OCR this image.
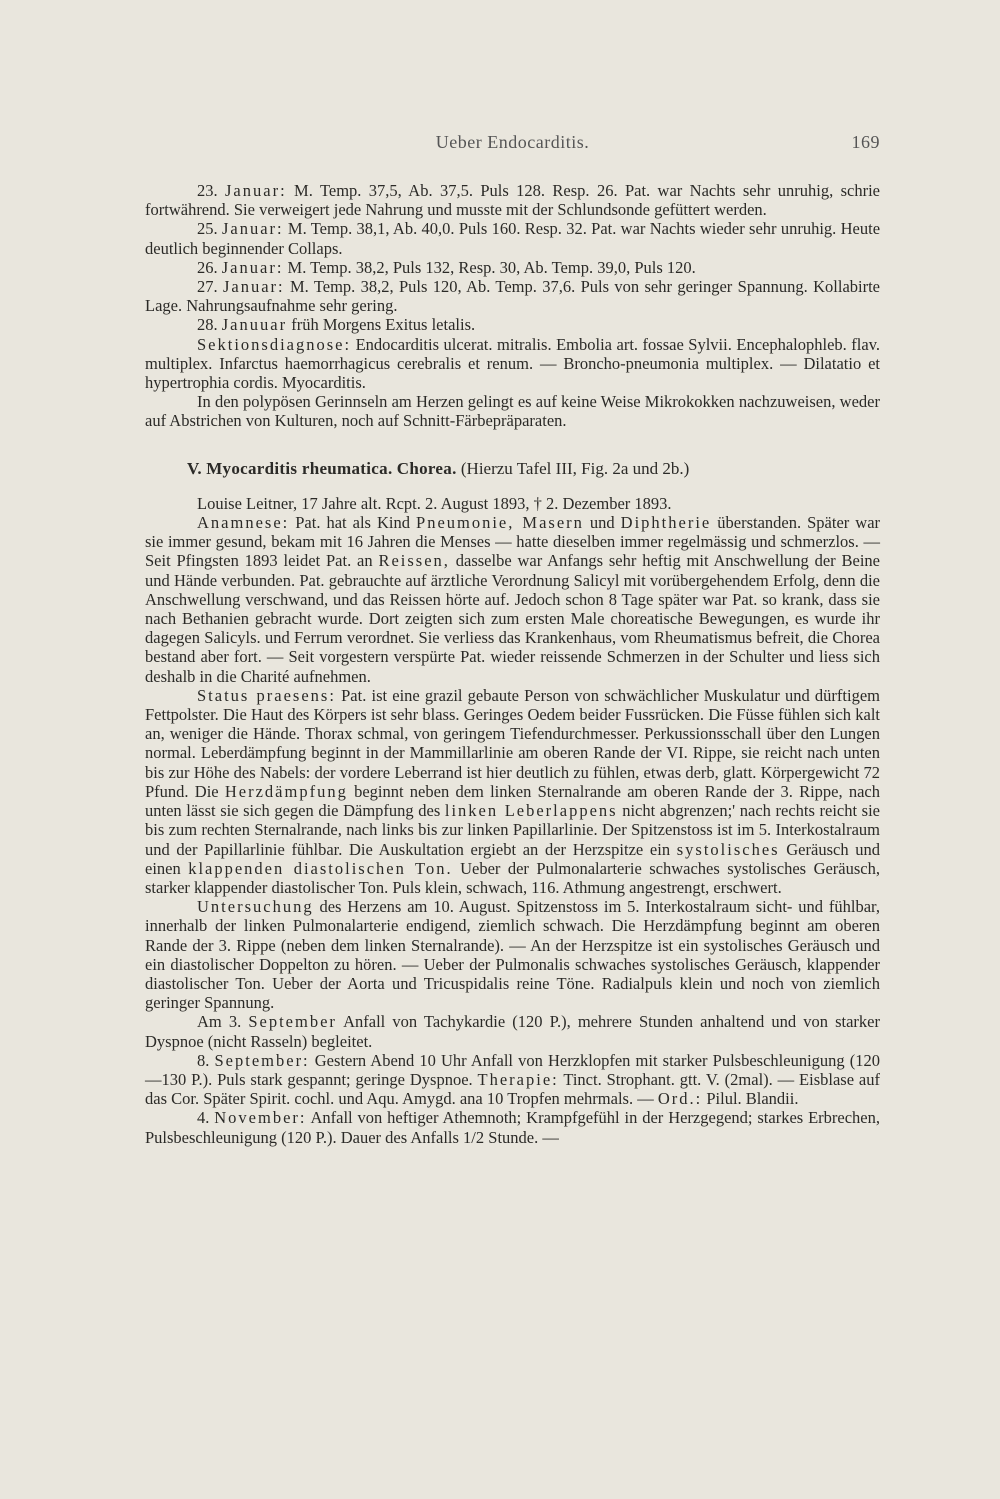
Ueber Endocarditis.	169

23. Januar: M. Temp. 37,5, Ab. 37,5. Puls 128. Resp. 26. Pat. war Nachts sehr unruhig, schrie fortwährend. Sie verweigert jede Nahrung und musste mit der Schlundsonde gefüttert werden.

25. Januar: M. Temp. 38,1, Ab. 40,0. Puls 160. Resp. 32. Pat. war Nachts wieder sehr unruhig. Heute deutlich beginnender Collaps.

26. Januar: M. Temp. 38,2, Puls 132, Resp. 30, Ab. Temp. 39,0, Puls 120.

27. Januar: M. Temp. 38,2, Puls 120, Ab. Temp. 37,6. Puls von sehr geringer Spannung. Kollabirte Lage. Nahrungsaufnahme sehr gering.

28. Januuar früh Morgens Exitus letalis.

Sektionsdiagnose: Endocarditis ulcerat. mitralis. Embolia art. fossae Sylvii. Encephalophleb. flav. multiplex. Infarctus haemorrhagicus cerebralis et renum. — Broncho-pneumonia multiplex. — Dilatatio et hypertrophia cordis. Myocarditis.

In den polypösen Gerinnseln am Herzen gelingt es auf keine Weise Mikrokokken nachzuweisen, weder auf Abstrichen von Kulturen, noch auf Schnitt-Färbepräparaten.

V. Myocarditis rheumatica. Chorea. (Hierzu Tafel III, Fig. 2a und 2b.)

Louise Leitner, 17 Jahre alt. Rcpt. 2. August 1893, † 2. Dezember 1893.

Anamnese: Pat. hat als Kind Pneumonie, Masern und Diphtherie überstanden. Später war sie immer gesund, bekam mit 16 Jahren die Menses — hatte dieselben immer regelmässig und schmerzlos. — Seit Pfingsten 1893 leidet Pat. an Reissen, dasselbe war Anfangs sehr heftig mit Anschwellung der Beine und Hände verbunden. Pat. gebrauchte auf ärztliche Verordnung Salicyl mit vorübergehendem Erfolg, denn die Anschwellung verschwand, und das Reissen hörte auf. Jedoch schon 8 Tage später war Pat. so krank, dass sie nach Bethanien gebracht wurde. Dort zeigten sich zum ersten Male choreatische Bewegungen, es wurde ihr dagegen Salicyls. und Ferrum verordnet. Sie verliess das Krankenhaus, vom Rheumatismus befreit, die Chorea bestand aber fort. — Seit vorgestern verspürte Pat. wieder reissende Schmerzen in der Schulter und liess sich deshalb in die Charité aufnehmen.

Status praesens: Pat. ist eine grazil gebaute Person von schwächlicher Muskulatur und dürftigem Fettpolster. Die Haut des Körpers ist sehr blass. Geringes Oedem beider Fussrücken. Die Füsse fühlen sich kalt an, weniger die Hände. Thorax schmal, von geringem Tiefendurchmesser. Perkussionsschall über den Lungen normal. Leberdämpfung beginnt in der Mammillarlinie am oberen Rande der VI. Rippe, sie reicht nach unten bis zur Höhe des Nabels: der vordere Leberrand ist hier deutlich zu fühlen, etwas derb, glatt. Körpergewicht 72 Pfund. Die Herzdämpfung beginnt neben dem linken Sternalrande am oberen Rande der 3. Rippe, nach unten lässt sie sich gegen die Dämpfung des linken Leberlappens nicht abgrenzen;' nach rechts reicht sie bis zum rechten Sternalrande, nach links bis zur linken Papillarlinie. Der Spitzenstoss ist im 5. Interkostalraum und der Papillarlinie fühlbar. Die Auskultation ergiebt an der Herzspitze ein systolisches Geräusch und einen klappenden diastolischen Ton. Ueber der Pulmonalarterie schwaches systolisches Geräusch, starker klappender diastolischer Ton. Puls klein, schwach, 116. Athmung angestrengt, erschwert.

Untersuchung des Herzens am 10. August. Spitzenstoss im 5. Interkostalraum sicht- und fühlbar, innerhalb der linken Pulmonalarterie endigend, ziemlich schwach. Die Herzdämpfung beginnt am oberen Rande der 3. Rippe (neben dem linken Sternalrande). — An der Herzspitze ist ein systolisches Geräusch und ein diastolischer Doppelton zu hören. — Ueber der Pulmonalis schwaches systolisches Geräusch, klappender diastolischer Ton. Ueber der Aorta und Tricuspidalis reine Töne. Radialpuls klein und noch von ziemlich geringer Spannung.

Am 3. September Anfall von Tachykardie (120 P.), mehrere Stunden anhaltend und von starker Dyspnoe (nicht Rasseln) begleitet.

8. September: Gestern Abend 10 Uhr Anfall von Herzklopfen mit starker Pulsbeschleunigung (120—130 P.). Puls stark gespannt; geringe Dyspnoe. Therapie: Tinct. Strophant. gtt. V. (2mal). — Eisblase auf das Cor. Später Spirit. cochl. und Aqu. Amygd. ana 10 Tropfen mehrmals. — Ord.: Pilul. Blandii.

4. November: Anfall von heftiger Athemnoth; Krampfgefühl in der Herzgegend; starkes Erbrechen, Pulsbeschleunigung (120 P.). Dauer des Anfalls 1/2 Stunde. —
